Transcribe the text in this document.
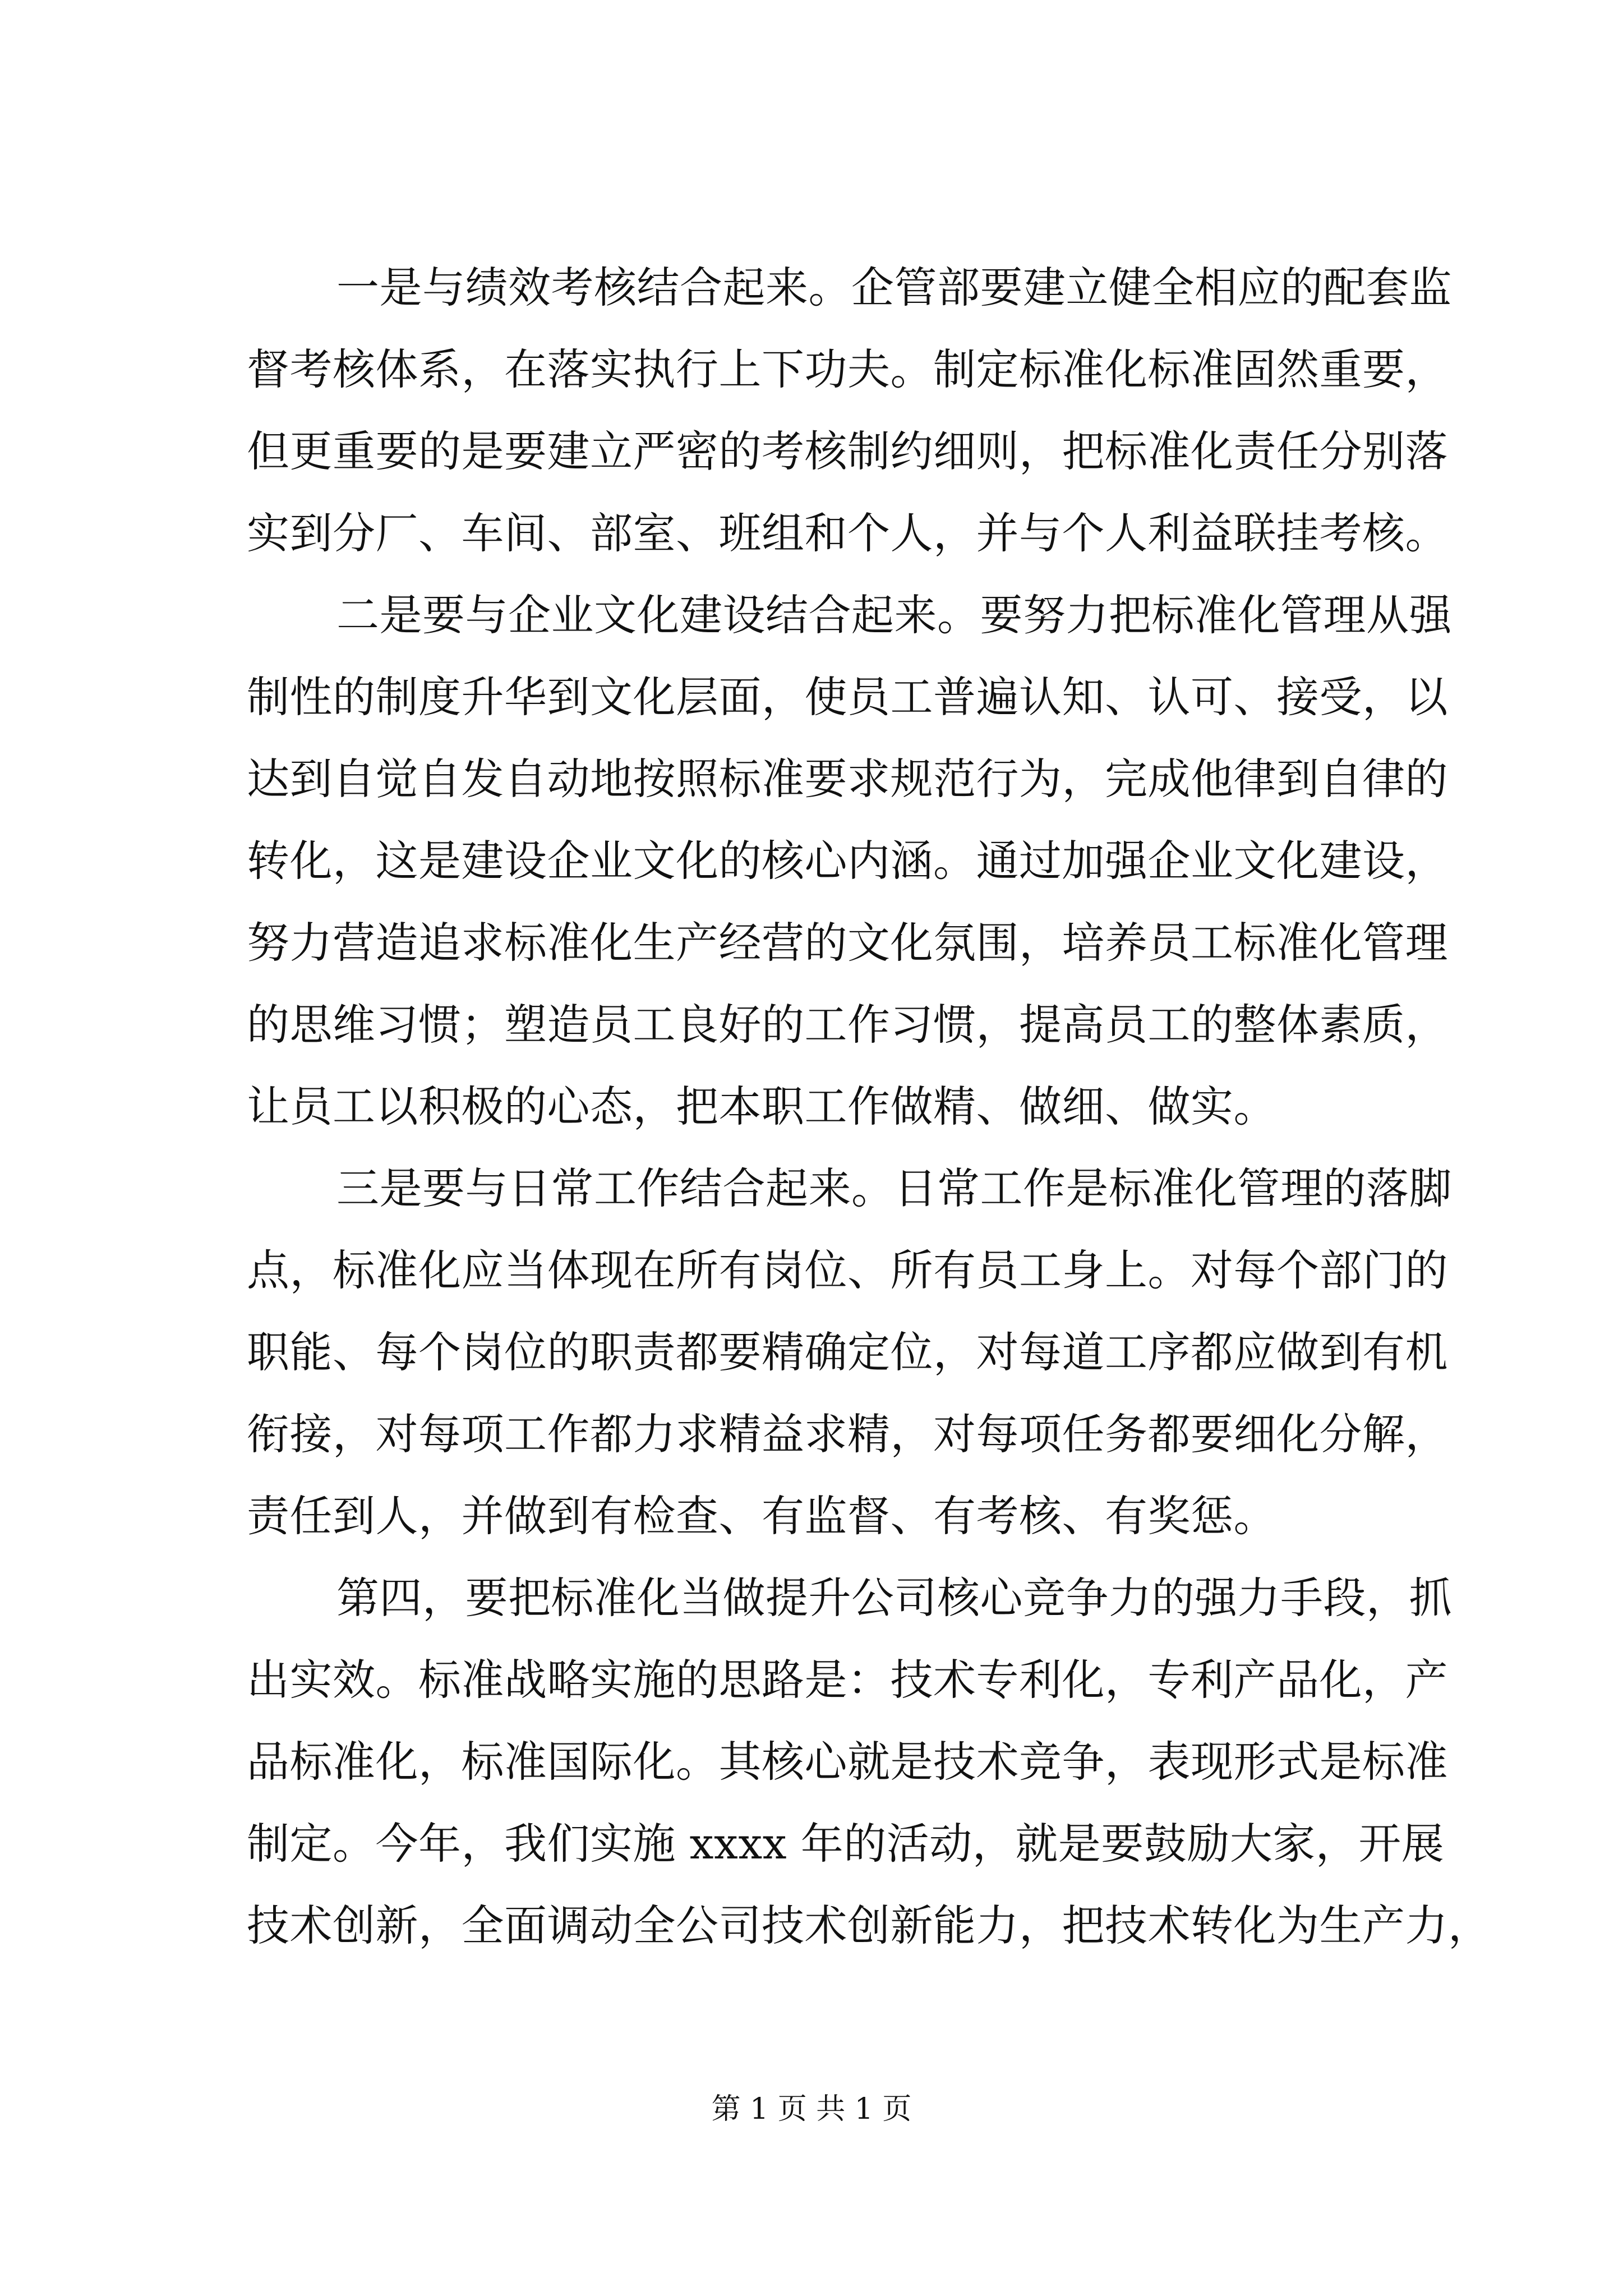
一是与绩效考核结合起来。企管部要建立健全相应的配套监
督考核体系，在落实执行上下功夫。制定标准化标准固然重要，
但更重要的是要建立严密的考核制约细则，把标准化责任分别落
实到分厂、车间、部室、班组和个人，并与个人利益联挂考核。
二是要与企业文化建设结合起来。要努力把标准化管理从强
制性的制度升华到文化层面，使员工普遍认知、认可、接受，以
达到自觉自发自动地按照标准要求规范行为，完成他律到自律的
转化，这是建设企业文化的核心内涵。通过加强企业文化建设，
努力营造追求标准化生产经营的文化氛围，培养员工标准化管理
的思维习惯；塑造员工良好的工作习惯，提高员工的整体素质，
让员工以积极的心态，把本职工作做精、做细、做实。
三是要与日常工作结合起来。日常工作是标准化管理的落脚
点，标准化应当体现在所有岗位、所有员工身上。对每个部门的
职能、每个岗位的职责都要精确定位，对每道工序都应做到有机
衔接，对每项工作都力求精益求精，对每项任务都要细化分解，
责任到人，并做到有检查、有监督、有考核、有奖惩。
第四，要把标准化当做提升公司核心竞争力的强力手段，抓
出实效。标准战略实施的思路是：技术专利化，专利产品化，产
品标准化，标准国际化。其核心就是技术竞争，表现形式是标准
制定。今年，我们实施 xxxx 年的活动，就是要鼓励大家，开展
技术创新，全面调动全公司技术创新能力，把技术转化为生产力，
第 1 页 共 1 页
